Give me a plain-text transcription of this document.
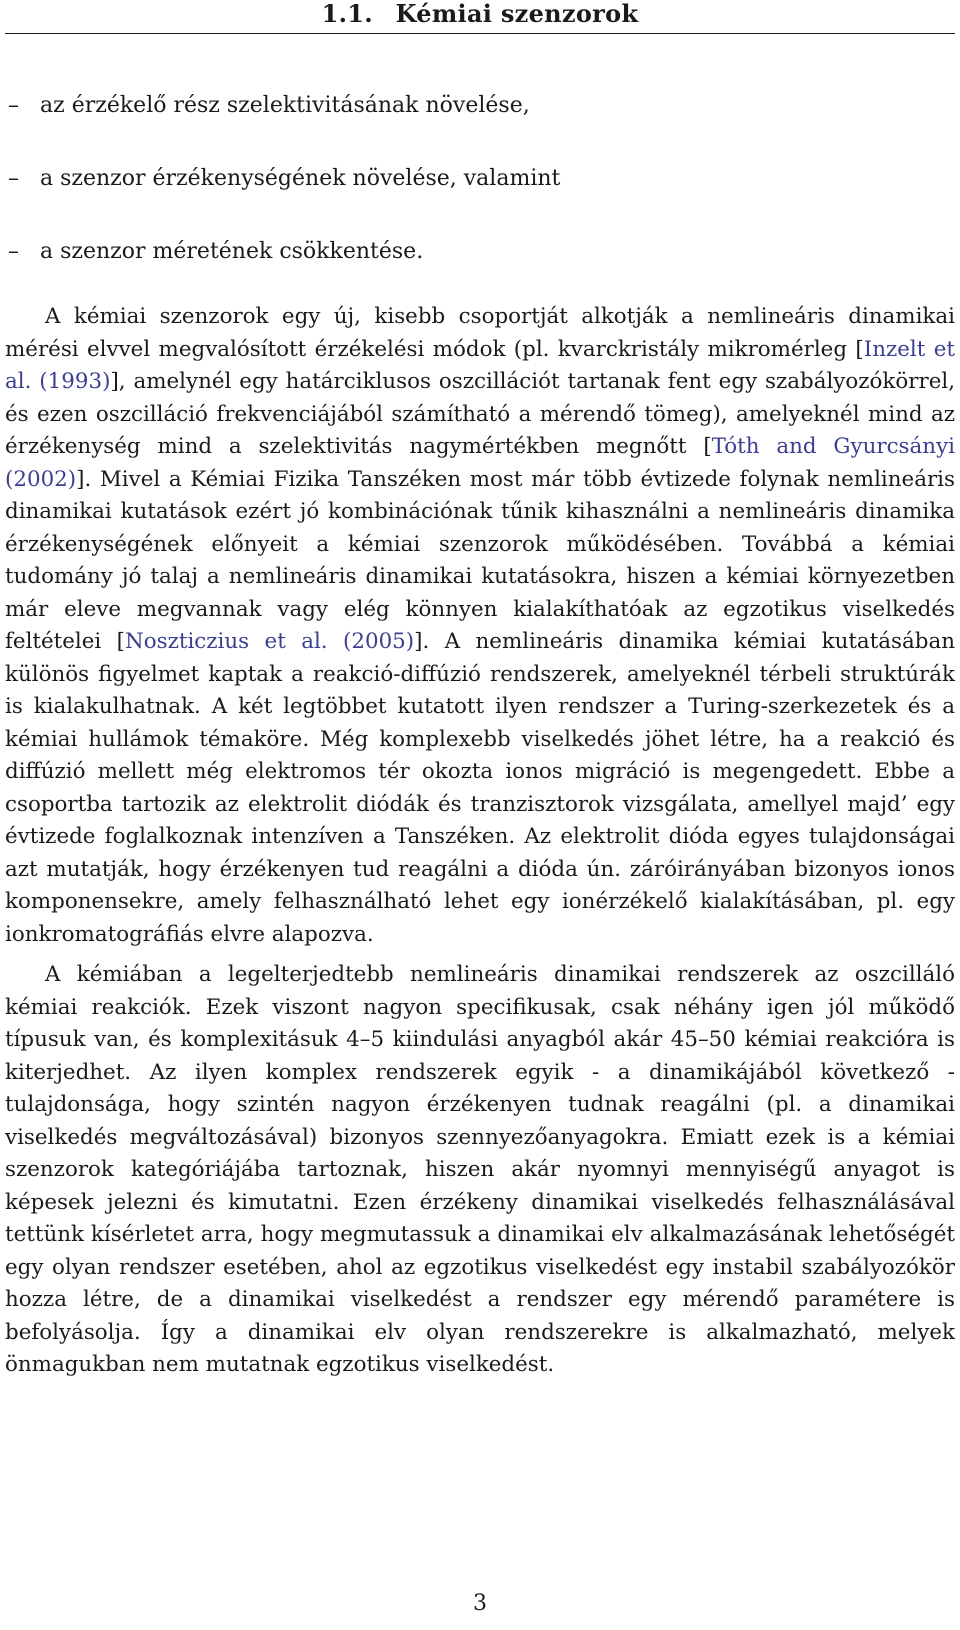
1.1. Kémiai szenzorok
– az érzékelő rész szelektivitásának növelése,
– a szenzor érzékenységének növelése, valamint
– a szenzor méretének csökkentése.

A kémiai szenzorok egy új, kisebb csoportját alkotják a nemlineáris dinamikai mérési elvvel megvalósított érzékelési módok (pl. kvarckristály mikromérleg [Inzelt et al. (1993)], amelynél egy határciklusos oszcillációt tartanak fent egy szabályozókörrel, és ezen oszcilláció frekvenciájából számítható a mérendő tömeg), amelyeknél mind az érzékenység mind a szelektivitás nagymértékben megnőtt [Tóth and Gyurcsányi (2002)]. Mivel a Kémiai Fizika Tanszéken most már több évtizede folynak nemlineáris dinamikai kutatások ezért jó kombinációnak tűnik kihasználni a nemlineáris dinamika érzékenységének előnyeit a kémiai szenzorok működésében. Továbbá a kémiai tudomány jó talaj a nemlineáris dinamikai kutatásokra, hiszen a kémiai környezetben már eleve megvannak vagy elég könnyen kialakíthatóak az egzotikus viselkedés feltételei [Noszticzius et al. (2005)]. A nemlineáris dinamika kémiai kutatásában különös figyelmet kaptak a reakció-diffúzió rendszerek, amelyeknél térbeli struktúrák is kialakulhatnak. A két legtöbbet kutatott ilyen rendszer a Turing-szerkezetek és a kémiai hullámok témaköre. Még komplexebb viselkedés jöhet létre, ha a reakció és diffúzió mellett még elektromos tér okozta ionos migráció is megengedett. Ebbe a csoportba tartozik az elektrolit diódák és tranzisztorok vizsgálata, amellyel majd’ egy évtizede foglalkoznak intenzíven a Tanszéken. Az elektrolit dióda egyes tulajdonságai azt mutatják, hogy érzékenyen tud reagálni a dióda ún. záróirányában bizonyos ionos komponensekre, amely felhasználható lehet egy ionérzékelő kialakításában, pl. egy ionkromatográfiás elvre alapozva.

A kémiában a legelterjedtebb nemlineáris dinamikai rendszerek az oszcilláló kémiai reakciók. Ezek viszont nagyon specifikusak, csak néhány igen jól működő típusuk van, és komplexitásuk 4–5 kiindulási anyagból akár 45–50 kémiai reakcióra is kiterjedhet. Az ilyen komplex rendszerek egyik - a dinamikájából következő - tulajdonsága, hogy szintén nagyon érzékenyen tudnak reagálni (pl. a dinamikai viselkedés megváltozásával) bizonyos szennyezőanyagokra. Emiatt ezek is a kémiai szenzorok kategóriájába tartoznak, hiszen akár nyomnyi mennyiségű anyagot is képesek jelezni és kimutatni. Ezen érzékeny dinamikai viselkedés felhasználásával tettünk kísérletet arra, hogy megmutassuk a dinamikai elv alkalmazásának lehetőségét egy olyan rendszer esetében, ahol az egzotikus viselkedést egy instabil szabályozókör hozza létre, de a dinamikai viselkedést a rendszer egy mérendő paramétere is befolyásolja. Így a dinamikai elv olyan rendszerekre is alkalmazható, melyek önmagukban nem mutatnak egzotikus viselkedést.

3
